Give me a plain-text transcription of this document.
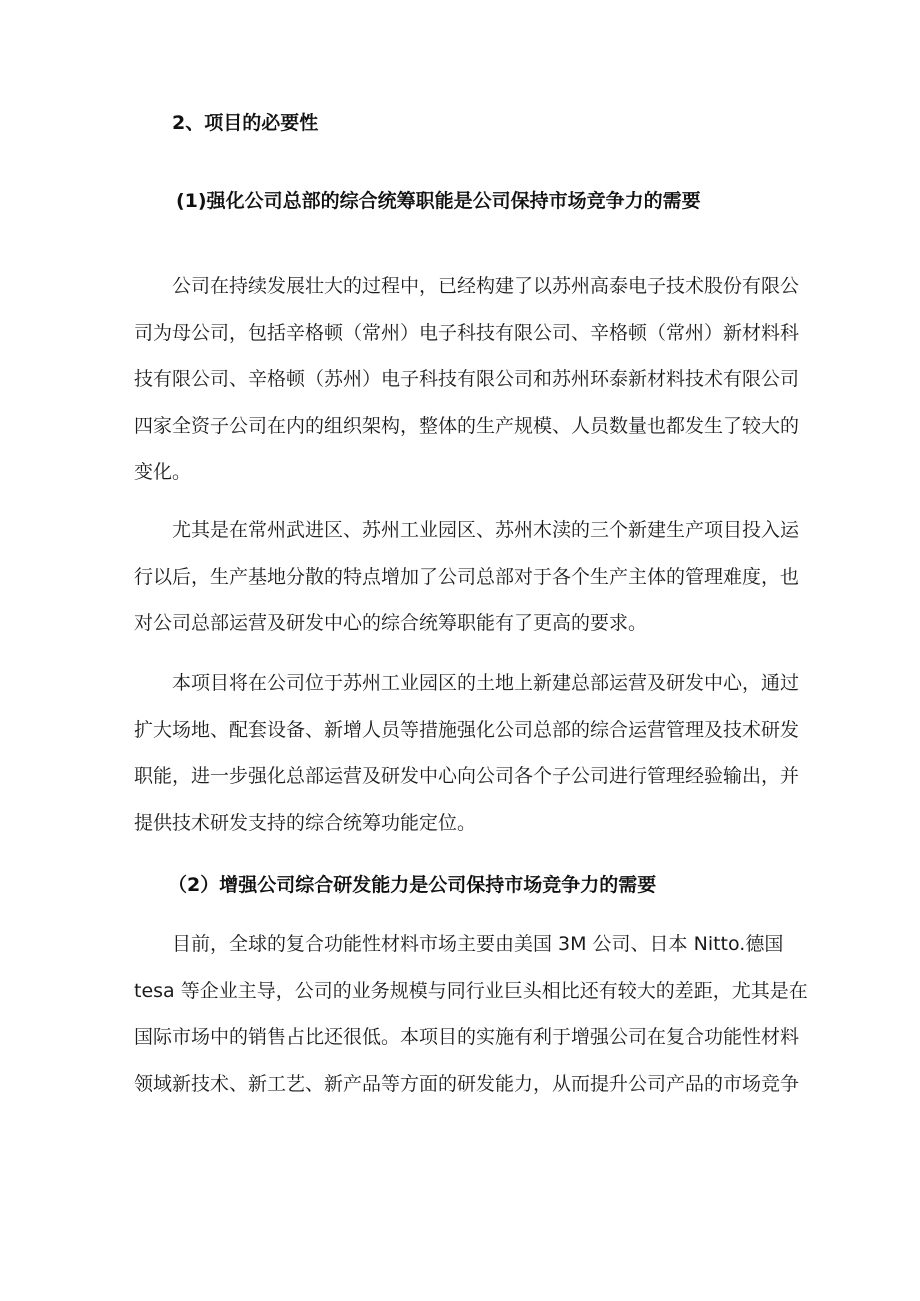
2、项目的必要性
(1)强化公司总部的综合统筹职能是公司保持市场竞争力的需要
公司在持续发展壮大的过程中，已经构建了以苏州高泰电子技术股份有限公
司为母公司，包括辛格顿（常州）电子科技有限公司、辛格顿（常州）新材料科
技有限公司、辛格顿（苏州）电子科技有限公司和苏州环泰新材料技术有限公司
四家全资子公司在内的组织架构，整体的生产规模、人员数量也都发生了较大的
变化。
尤其是在常州武进区、苏州工业园区、苏州木渎的三个新建生产项目投入运
行以后，生产基地分散的特点增加了公司总部对于各个生产主体的管理难度，也
对公司总部运营及研发中心的综合统筹职能有了更高的要求。
本项目将在公司位于苏州工业园区的土地上新建总部运营及研发中心，通过
扩大场地、配套设备、新增人员等措施强化公司总部的综合运营管理及技术研发
职能，进一步强化总部运营及研发中心向公司各个子公司进行管理经验输出，并
提供技术研发支持的综合统筹功能定位。
（2）增强公司综合研发能力是公司保持市场竞争力的需要
目前，全球的复合功能性材料市场主要由美国 3M 公司、日本 Nitto.德国
tesa 等企业主导，公司的业务规模与同行业巨头相比还有较大的差距，尤其是在
国际市场中的销售占比还很低。本项目的实施有利于增强公司在复合功能性材料
领域新技术、新工艺、新产品等方面的研发能力，从而提升公司产品的市场竞争
